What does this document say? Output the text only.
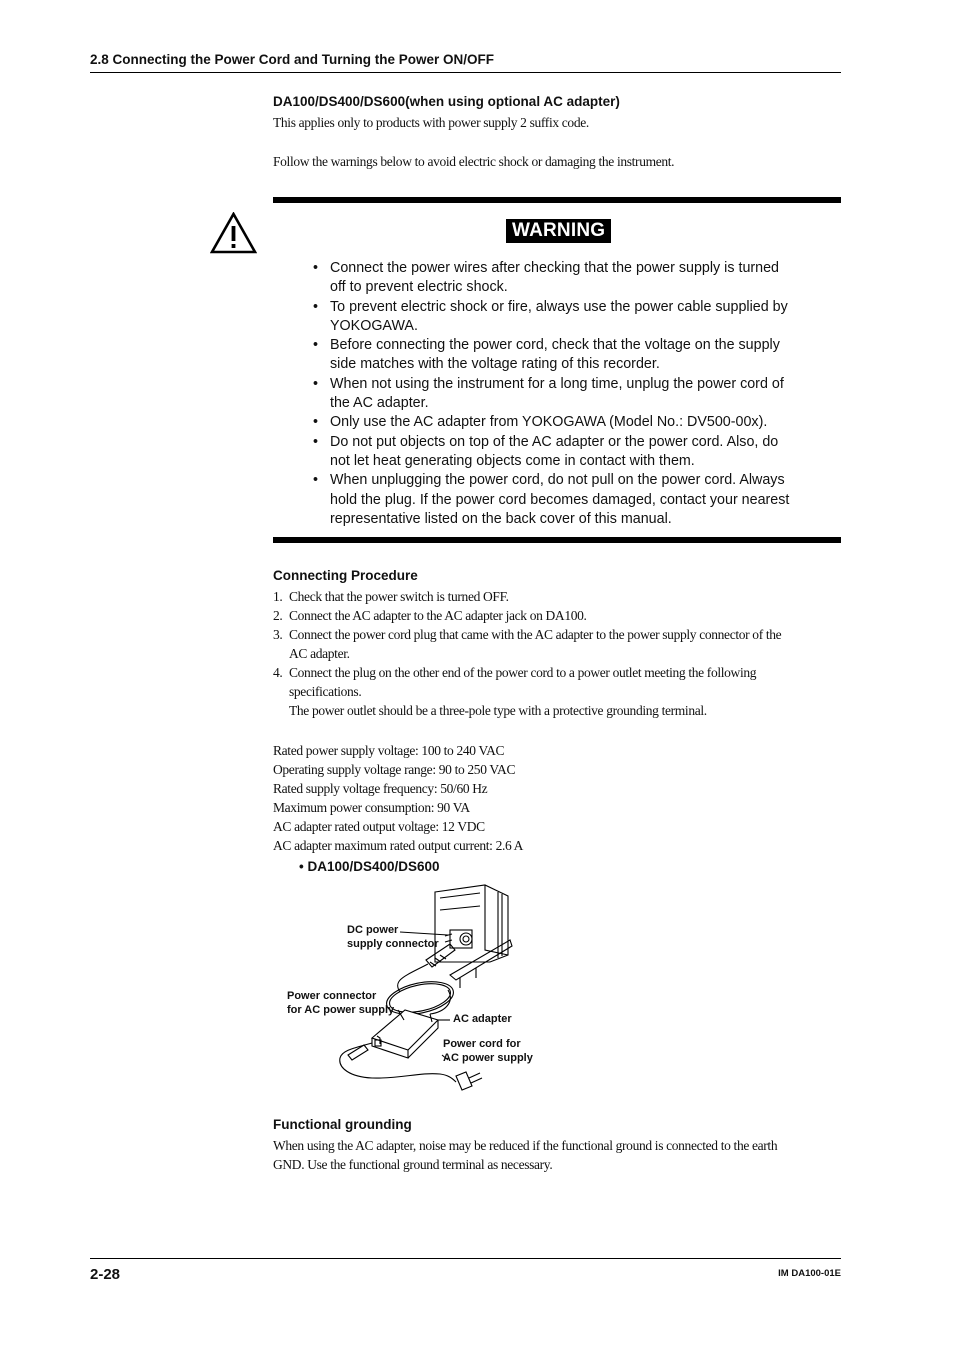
2.8 Connecting the Power Cord and Turning the Power ON/OFF
DA100/DS400/DS600(when using optional AC adapter)
This applies only to products with power supply 2 suffix code.
Follow the warnings below to avoid electric shock or damaging the instrument.
WARNING
• Connect the power wires after checking that the power supply is turned off to prevent electric shock.
• To prevent electric shock or fire, always use the power cable supplied by YOKOGAWA.
• Before connecting the power cord, check that the voltage on the supply side matches with the voltage rating of this recorder.
• When not using the instrument for a long time, unplug the power cord of the AC adapter.
• Only use the AC adapter from YOKOGAWA (Model No.: DV500-00x).
• Do not put objects on top of the AC adapter or the power cord. Also, do not let heat generating objects come in contact with them.
• When unplugging the power cord, do not pull on the power cord. Always hold the plug. If the power cord becomes damaged, contact your nearest representative listed on the back cover of this manual.
Connecting Procedure
1. Check that the power switch is turned OFF.
2. Connect the AC adapter to the AC adapter jack on DA100.
3. Connect the power cord plug that came with the AC adapter to the power supply connector of the AC adapter.
4. Connect the plug on the other end of the power cord to a power outlet meeting the following specifications.
The power outlet should be a three-pole type with a protective grounding terminal.
Rated power supply voltage: 100 to 240 VAC
Operating supply voltage range: 90 to 250 VAC
Rated supply voltage frequency: 50/60 Hz
Maximum power consumption: 90 VA
AC adapter rated output voltage: 12 VDC
AC adapter maximum rated output current: 2.6 A
• DA100/DS400/DS600
DC power
supply connector
Power connector
for AC power supply
AC adapter
Power cord for
AC power supply
Functional grounding
When using the AC adapter, noise may be reduced if the functional ground is connected to the earth GND. Use the functional ground terminal as necessary.
2-28	IM DA100-01E
